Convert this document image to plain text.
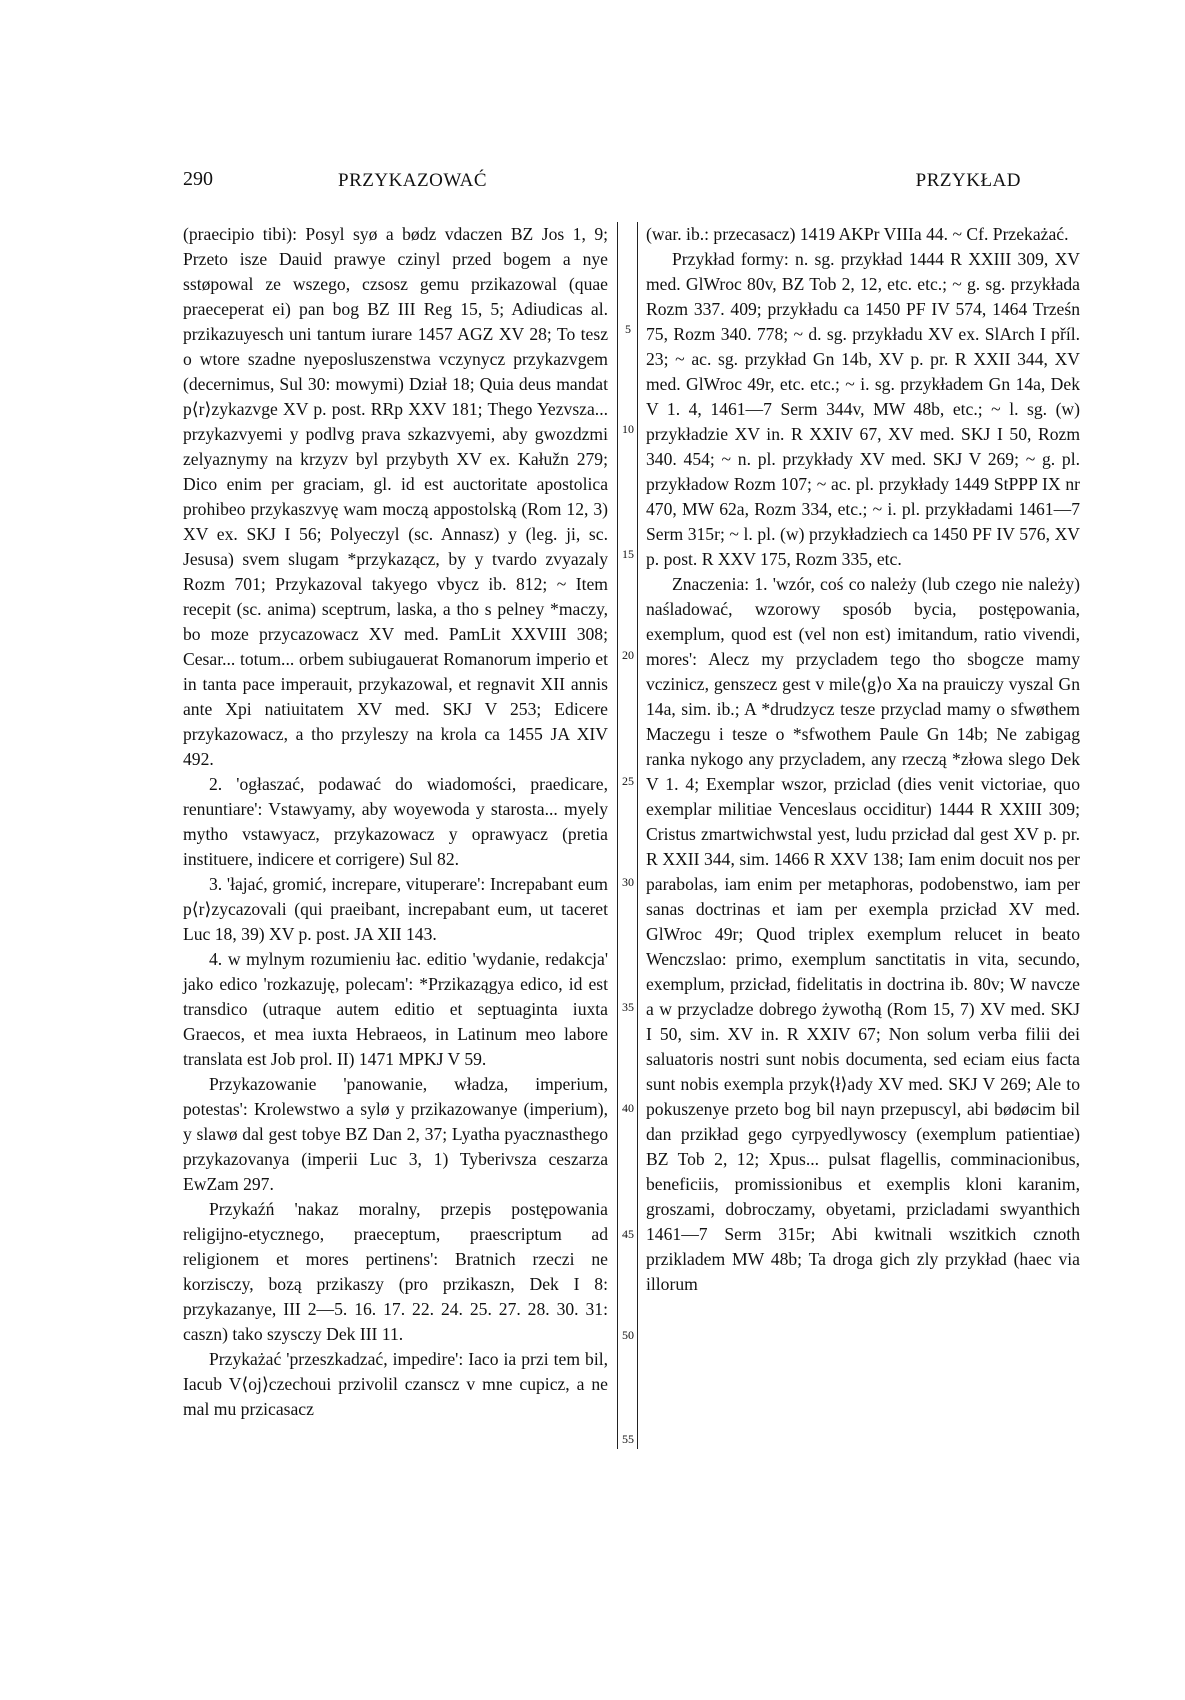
290	PRZYKAZOWAĆ	PRZYKŁAD

(praecipio tibi): Posyl syø a bødz vdaczen BZ Jos 1, 9; Przeto isze Dauid prawye czinyl przed bogem a nye sstøpowal ze wszego, czsosz gemu przikazowal (quae praeceperat ei) pan bog BZ III Reg 15, 5; Adiudicas al. przikazuyesch uni tantum iurare 1457 AGZ XV 28; To tesz o wtore szadne nyeposluszenstwa vczynycz przykazvgem (decernimus, Sul 30: mowymi) Dział 18; Quia deus mandat p⟨r⟩zykazvge XV p. post. RRp XXV 181; Thego Yezvsza... przykazvyemi y podlvg prava szkazvyemi, aby gwozdzmi zelyaznymy na krzyzv byl przybyth XV ex. Kałužn 279; Dico enim per graciam, gl. id est auctoritate apostolica prohibeo przykaszvyę wam moczą appostolską (Rom 12, 3) XV ex. SKJ I 56; Polyeczyl (sc. Annasz) y (leg. ji, sc. Jesusa) svem slugam *przykazącz, by y tvardo zvyazaly Rozm 701; Przykazoval takyego vbycz ib. 812; ~ Item recepit (sc. anima) sceptrum, laska, a tho s pelney *maczy, bo moze przycazowacz XV med. PamLit XXVIII 308; Cesar... totum... orbem subiugauerat Romanorum imperio et in tanta pace imperauit, przykazowal, et regnavit XII annis ante Xpi natiuitatem XV med. SKJ V 253; Edicere przykazowacz, a tho przyleszy na krola ca 1455 JA XIV 492.

2. 'ogłaszać, podawać do wiadomości, praedicare, renuntiare': Vstawyamy, aby woyewoda y starosta... myely mytho vstawyacz, przykazowacz y oprawyacz (pretia instituere, indicere et corrigere) Sul 82.

3. 'łajać, gromić, increpare, vituperare': Increpabant eum p⟨r⟩zycazovali (qui praeibant, increpabant eum, ut taceret Luc 18, 39) XV p. post. JA XII 143.

4. w mylnym rozumieniu łac. editio 'wydanie, redakcja' jako edico 'rozkazuję, polecam': *Przikazągya edico, id est transdico (utraque autem editio et septuaginta iuxta Graecos, et mea iuxta Hebraeos, in Latinum meo labore translata est Job prol. II) 1471 MPKJ V 59.

Przykazowanie 'panowanie, władza, imperium, potestas': Krolewstwo a sylø y przikazowanye (imperium), y slawø dal gest tobye BZ Dan 2, 37; Lyatha pyacznasthego przykazovanya (imperii Luc 3, 1) Tyberivsza ceszarza EwZam 297.

Przykaźń 'nakaz moralny, przepis postępowania religijno-etycznego, praeceptum, praescriptum ad religionem et mores pertinens': Bratnich rzeczi ne korzisczy, bozą przikaszy (pro przikaszn, Dek I 8: przykazanye, III 2—5. 16. 17. 22. 24. 25. 27. 28. 30. 31: caszn) tako szysczy Dek III 11.

Przykażać 'przeszkadzać, impedire': Iaco ia przi tem bil, Iacub V⟨oj⟩czechoui przivolil czanscz v mne cupicz, a ne mal mu przicasacz

5
10
15
20
25
30
35
40
45
50
55

(war. ib.: przecasacz) 1419 AKPr VIIIa 44. ~ Cf. Przekażać.

Przykład formy: n. sg. przykład 1444 R XXIII 309, XV med. GlWroc 80v, BZ Tob 2, 12, etc. etc.; ~ g. sg. przykłada Rozm 337. 409; przykładu ca 1450 PF IV 574, 1464 Trześn 75, Rozm 340. 778; ~ d. sg. przykładu XV ex. SlArch I příl. 23; ~ ac. sg. przykład Gn 14b, XV p. pr. R XXII 344, XV med. GlWroc 49r, etc. etc.; ~ i. sg. przykładem Gn 14a, Dek V 1. 4, 1461—7 Serm 344v, MW 48b, etc.; ~ l. sg. (w) przykładzie XV in. R XXIV 67, XV med. SKJ I 50, Rozm 340. 454; ~ n. pl. przykłady XV med. SKJ V 269; ~ g. pl. przykładow Rozm 107; ~ ac. pl. przykłady 1449 StPPP IX nr 470, MW 62a, Rozm 334, etc.; ~ i. pl. przykładami 1461—7 Serm 315r; ~ l. pl. (w) przykładziech ca 1450 PF IV 576, XV p. post. R XXV 175, Rozm 335, etc.

Znaczenia: 1. 'wzór, coś co należy (lub czego nie należy) naśladować, wzorowy sposób bycia, postępowania, exemplum, quod est (vel non est) imitandum, ratio vivendi, mores': Alecz my przycladem tego tho sbogcze mamy vczinicz, genszecz gest v mile⟨g⟩o Xa na prauiczy vyszal Gn 14a, sim. ib.; A *drudzycz tesze przyclad mamy o sfwøthem Maczegu i tesze o *sfwothem Paule Gn 14b; Ne zabigag ranka nykogo any przycladem, any rzeczą *złowa slego Dek V 1. 4; Exemplar wszor, prziclad (dies venit victoriae, quo exemplar militiae Venceslaus occiditur) 1444 R XXIII 309; Cristus zmartwichwstal yest, ludu przicład dal gest XV p. pr. R XXII 344, sim. 1466 R XXV 138; Iam enim docuit nos per parabolas, iam enim per metaphoras, podobenstwo, iam per sanas doctrinas et iam per exempla przicład XV med. GlWroc 49r; Quod triplex exemplum relucet in beato Wenczslao: primo, exemplum sanctitatis in vita, secundo, exemplum, przicład, fidelitatis in doctrina ib. 80v; W navcze a w przycladze dobrego żywothą (Rom 15, 7) XV med. SKJ I 50, sim. XV in. R XXIV 67; Non solum verba filii dei saluatoris nostri sunt nobis documenta, sed eciam eius facta sunt nobis exempla przyk⟨ł⟩ady XV med. SKJ V 269; Ale to pokuszenye przeto bog bil nayn przepuscyl, abi bødøcim bil dan przikład gego cyrpyedlywoscy (exemplum patientiae) BZ Tob 2, 12; Xpus... pulsat flagellis, comminacionibus, beneficiis, promissionibus et exemplis kloni karanim, groszami, dobroczamy, obyetami, przicladami swyanthich 1461—7 Serm 315r; Abi kwitnali wszitkich cznoth przikladem MW 48b; Ta droga gich zly przykład (haec via illorum
